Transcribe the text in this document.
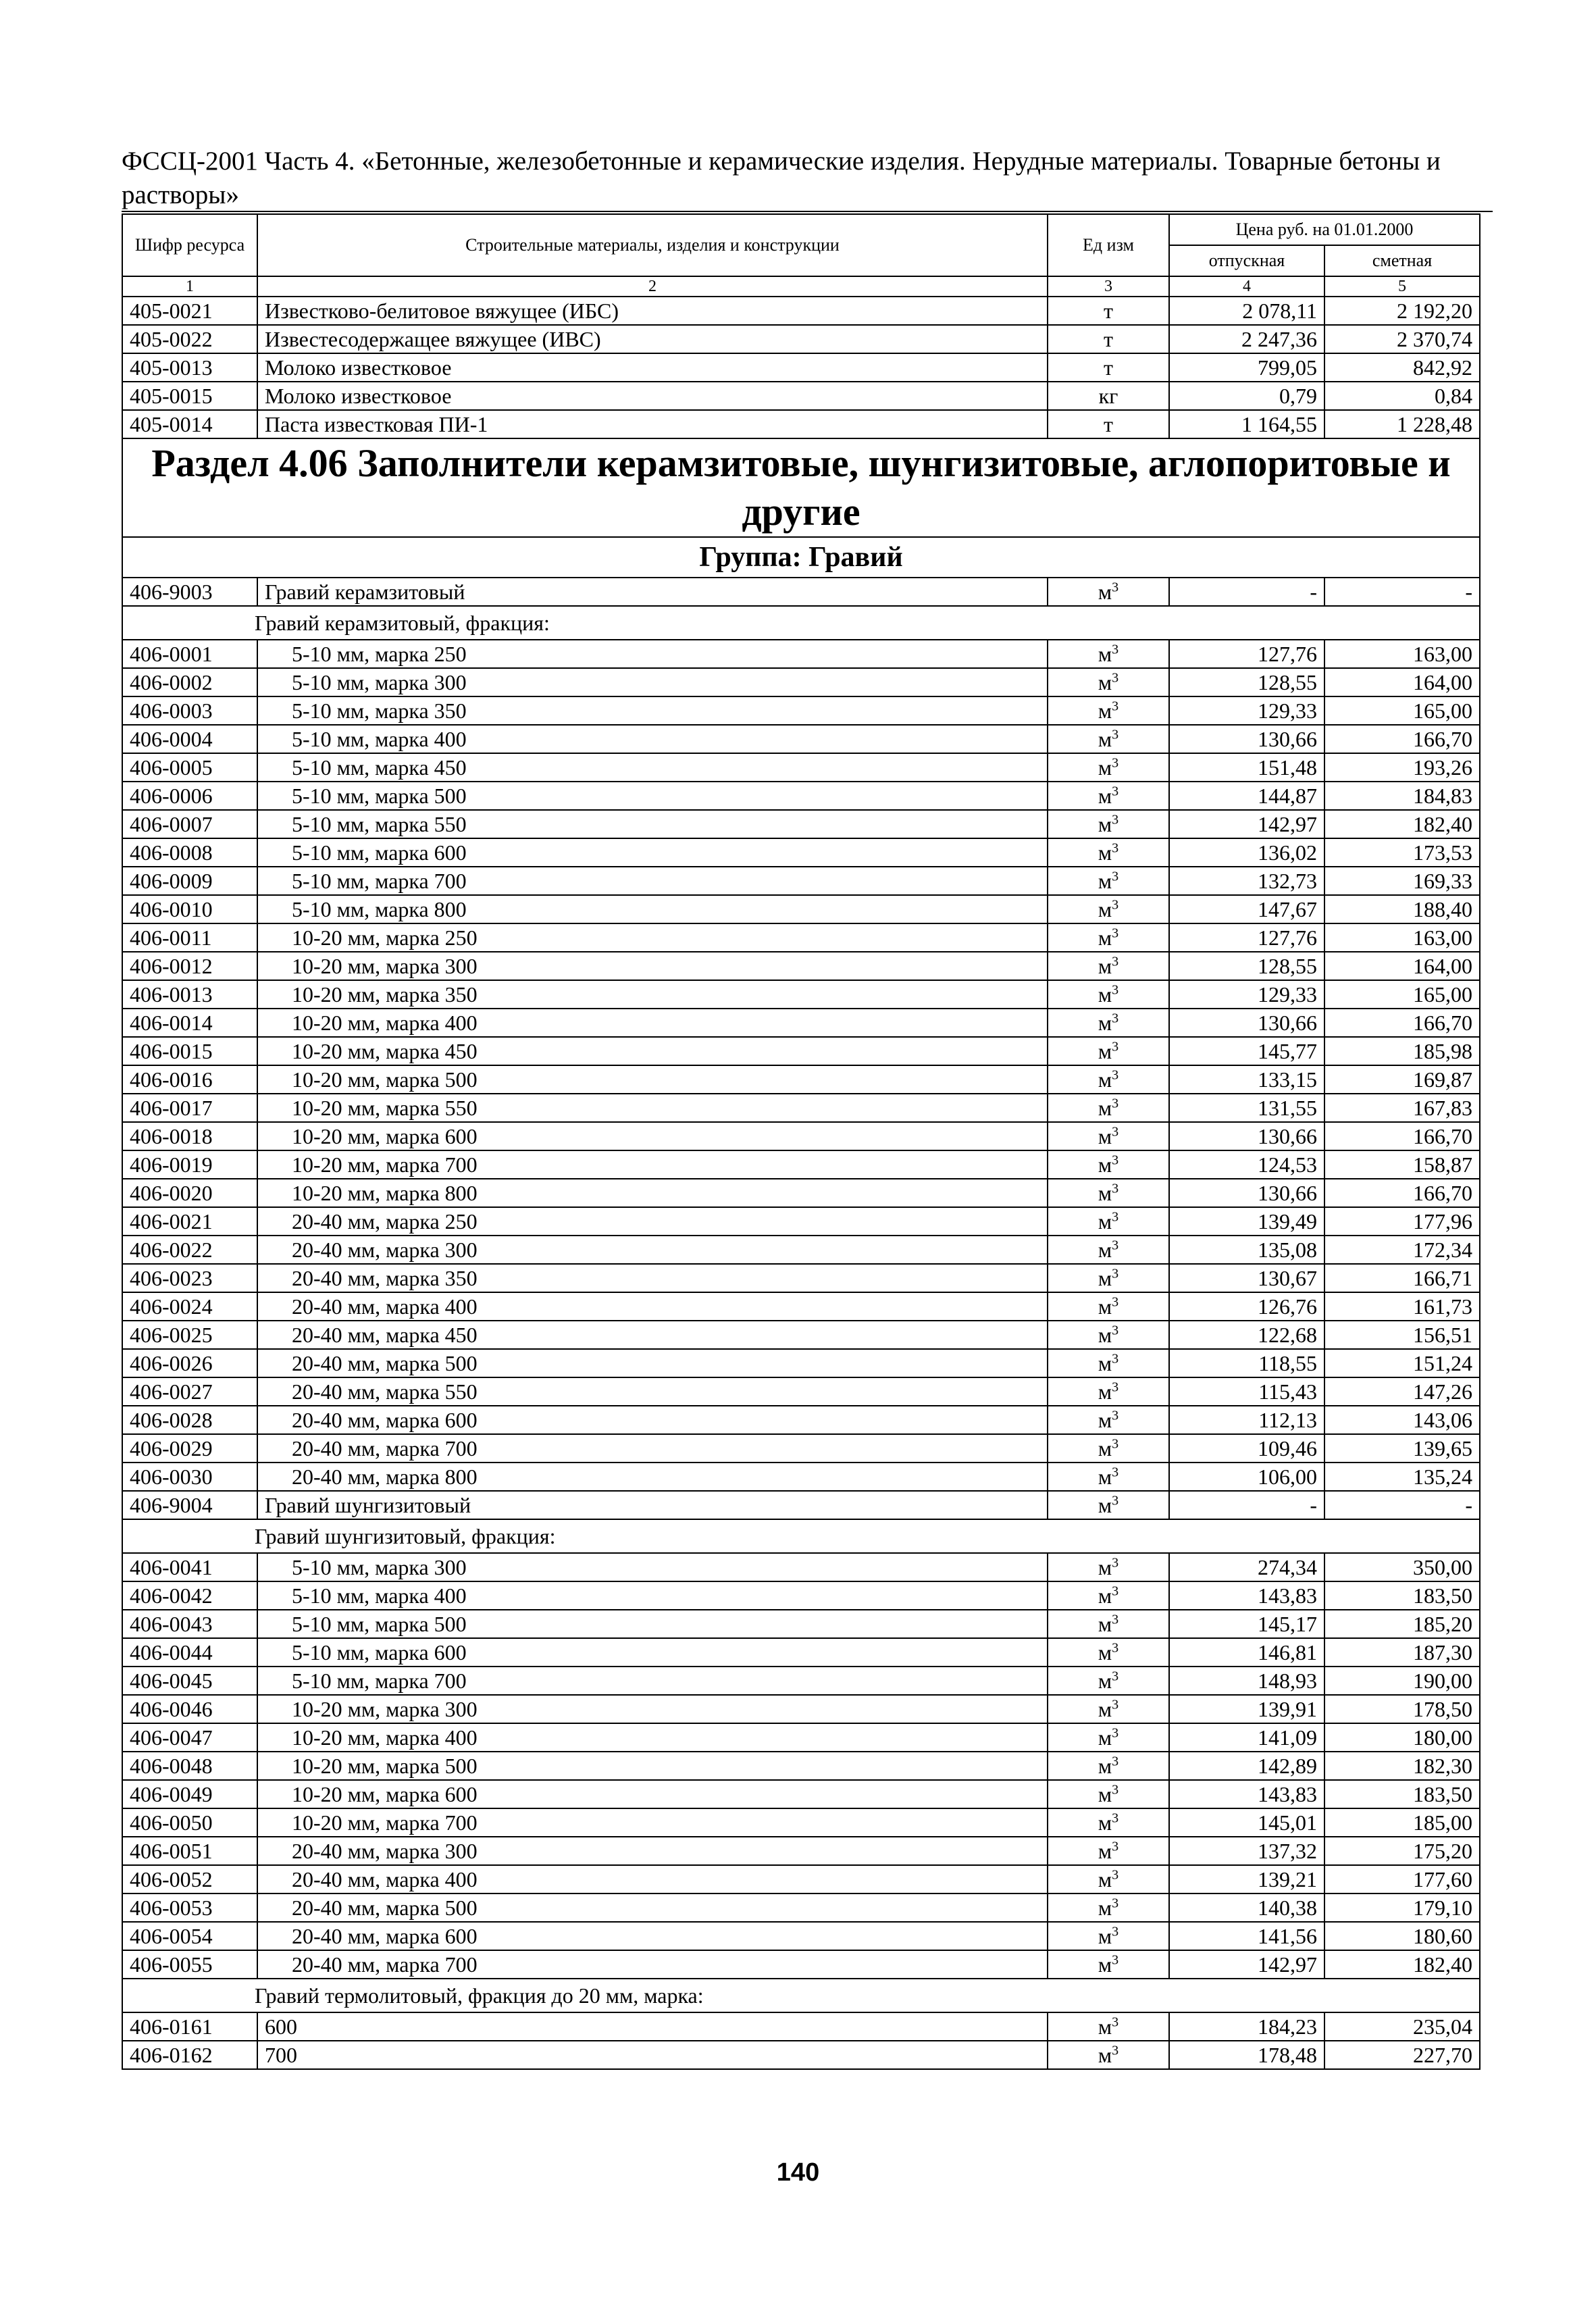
ФССЦ-2001 Часть 4. «Бетонные, железобетонные и керамические изделия. Нерудные материалы. Товарные бетоны и растворы»
Шифр ресурса	Строительные материалы, изделия и конструкции	Ед изм	Цена руб. на 01.01.2000	
			отпускная	сметная
1	2	3	4	5
405-0021	Известково-белитовое вяжущее (ИБС)	т	2 078,11	2 192,20
405-0022	Известесодержащее вяжущее (ИВС)	т	2 247,36	2 370,74
405-0013	Молоко известковое	т	799,05	842,92
405-0015	Молоко известковое	кг	0,79	0,84
405-0014	Паста известковая ПИ-1	т	1 164,55	1 228,48
Раздел 4.06 Заполнители керамзитовые, шунгизитовые, аглопоритовые и другие				
Группа: Гравий				
406-9003	Гравий керамзитовый	$м^3$	-	-
Гравий керамзитовый, фракция:				
406-0001	5-10 мм, марка 250	$м^3$	127,76	163,00
406-0002	5-10 мм, марка 300	$м^3$	128,55	164,00
406-0003	5-10 мм, марка 350	$м^3$	129,33	165,00
406-0004	5-10 мм, марка 400	$м^3$	130,66	166,70
406-0005	5-10 мм, марка 450	$м^3$	151,48	193,26
406-0006	5-10 мм, марка 500	$м^3$	144,87	184,83
406-0007	5-10 мм, марка 550	$м^3$	142,97	182,40
406-0008	5-10 мм, марка 600	$м^3$	136,02	173,53
406-0009	5-10 мм, марка 700	$м^3$	132,73	169,33
406-0010	5-10 мм, марка 800	$м^3$	147,67	188,40
406-0011	10-20 мм, марка 250	$м^3$	127,76	163,00
406-0012	10-20 мм, марка 300	$м^3$	128,55	164,00
406-0013	10-20 мм, марка 350	$м^3$	129,33	165,00
406-0014	10-20 мм, марка 400	$м^3$	130,66	166,70
406-0015	10-20 мм, марка 450	$м^3$	145,77	185,98
406-0016	10-20 мм, марка 500	$м^3$	133,15	169,87
406-0017	10-20 мм, марка 550	$м^3$	131,55	167,83
406-0018	10-20 мм, марка 600	$м^3$	130,66	166,70
406-0019	10-20 мм, марка 700	$м^3$	124,53	158,87
406-0020	10-20 мм, марка 800	$м^3$	130,66	166,70
406-0021	20-40 мм, марка 250	$м^3$	139,49	177,96
406-0022	20-40 мм, марка 300	$м^3$	135,08	172,34
406-0023	20-40 мм, марка 350	$м^3$	130,67	166,71
406-0024	20-40 мм, марка 400	$м^3$	126,76	161,73
406-0025	20-40 мм, марка 450	$м^3$	122,68	156,51
406-0026	20-40 мм, марка 500	$м^3$	118,55	151,24
406-0027	20-40 мм, марка 550	$м^3$	115,43	147,26
406-0028	20-40 мм, марка 600	$м^3$	112,13	143,06
406-0029	20-40 мм, марка 700	$м^3$	109,46	139,65
406-0030	20-40 мм, марка 800	$м^3$	106,00	135,24
406-9004	Гравий шунгизитовый	$м^3$	-	-
Гравий шунгизитовый, фракция:				
406-0041	5-10 мм, марка 300	$м^3$	274,34	350,00
406-0042	5-10 мм, марка 400	$м^3$	143,83	183,50
406-0043	5-10 мм, марка 500	$м^3$	145,17	185,20
406-0044	5-10 мм, марка 600	$м^3$	146,81	187,30
406-0045	5-10 мм, марка 700	$м^3$	148,93	190,00
406-0046	10-20 мм, марка 300	$м^3$	139,91	178,50
406-0047	10-20 мм, марка 400	$м^3$	141,09	180,00
406-0048	10-20 мм, марка 500	$м^3$	142,89	182,30
406-0049	10-20 мм, марка 600	$м^3$	143,83	183,50
406-0050	10-20 мм, марка 700	$м^3$	145,01	185,00
406-0051	20-40 мм, марка 300	$м^3$	137,32	175,20
406-0052	20-40 мм, марка 400	$м^3$	139,21	177,60
406-0053	20-40 мм, марка 500	$м^3$	140,38	179,10
406-0054	20-40 мм, марка 600	$м^3$	141,56	180,60
406-0055	20-40 мм, марка 700	$м^3$	142,97	182,40
Гравий термолитовый, фракция до 20 мм, марка:				
406-0161	600	$м^3$	184,23	235,04
406-0162	700	$м^3$	178,48	227,70
140
